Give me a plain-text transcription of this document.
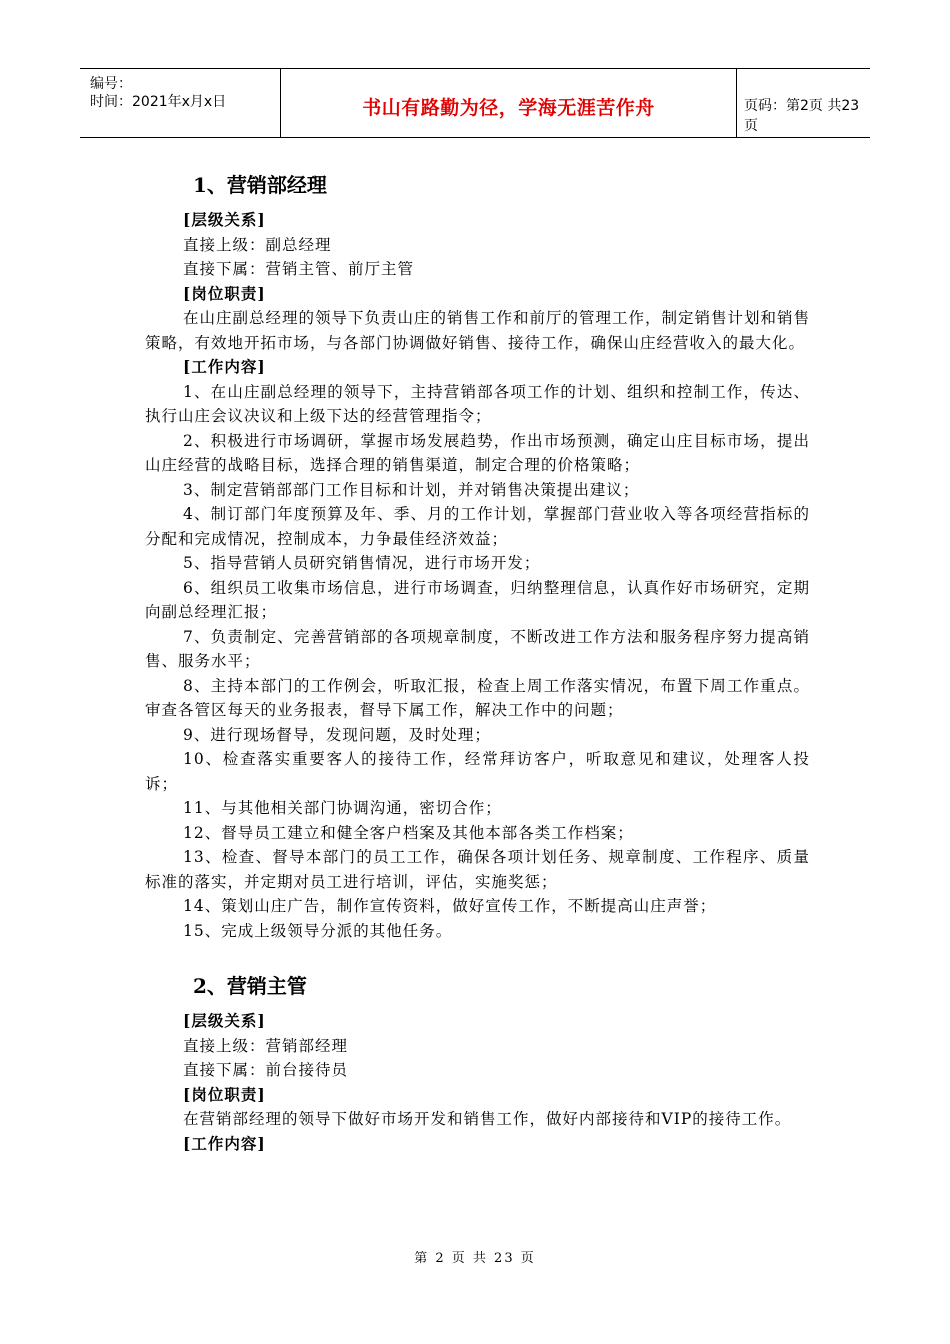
编号：
时间：2021年x月x日	书山有路勤为径，学海无涯苦作舟	页码：第2页 共23页
1、营销部经理
[层级关系]
直接上级：副总经理
直接下属：营销主管、前厅主管
[岗位职责]

在山庄副总经理的领导下负责山庄的销售工作和前厅的管理工作，制定销售计划和销售策略，有效地开拓市场，与各部门协调做好销售、接待工作，确保山庄经营收入的最大化。

[工作内容]

1、在山庄副总经理的领导下，主持营销部各项工作的计划、组织和控制工作，传达、执行山庄会议决议和上级下达的经营管理指令；

2、积极进行市场调研，掌握市场发展趋势，作出市场预测，确定山庄目标市场，提出山庄经营的战略目标，选择合理的销售渠道，制定合理的价格策略；

3、制定营销部部门工作目标和计划，并对销售决策提出建议；

4、制订部门年度预算及年、季、月的工作计划，掌握部门营业收入等各项经营指标的分配和完成情况，控制成本，力争最佳经济效益；

5、指导营销人员研究销售情况，进行市场开发；

6、组织员工收集市场信息，进行市场调查，归纳整理信息，认真作好市场研究，定期向副总经理汇报；

7、负责制定、完善营销部的各项规章制度，不断改进工作方法和服务程序努力提高销售、服务水平；

8、主持本部门的工作例会，听取汇报，检查上周工作落实情况，布置下周工作重点。审查各管区每天的业务报表，督导下属工作，解决工作中的问题；

9、进行现场督导，发现问题，及时处理；

10、检查落实重要客人的接待工作，经常拜访客户，听取意见和建议，处理客人投诉；

11、与其他相关部门协调沟通，密切合作；

12、督导员工建立和健全客户档案及其他本部各类工作档案；

13、检查、督导本部门的员工工作，确保各项计划任务、规章制度、工作程序、质量标准的落实，并定期对员工进行培训，评估，实施奖惩；

14、策划山庄广告，制作宣传资料，做好宣传工作，不断提高山庄声誉；

15、完成上级领导分派的其他任务。

2、营销主管
[层级关系]
直接上级：营销部经理
直接下属：前台接待员
[岗位职责]

在营销部经理的领导下做好市场开发和销售工作，做好内部接待和VIP的接待工作。

[工作内容]
第 2 页 共 23 页
